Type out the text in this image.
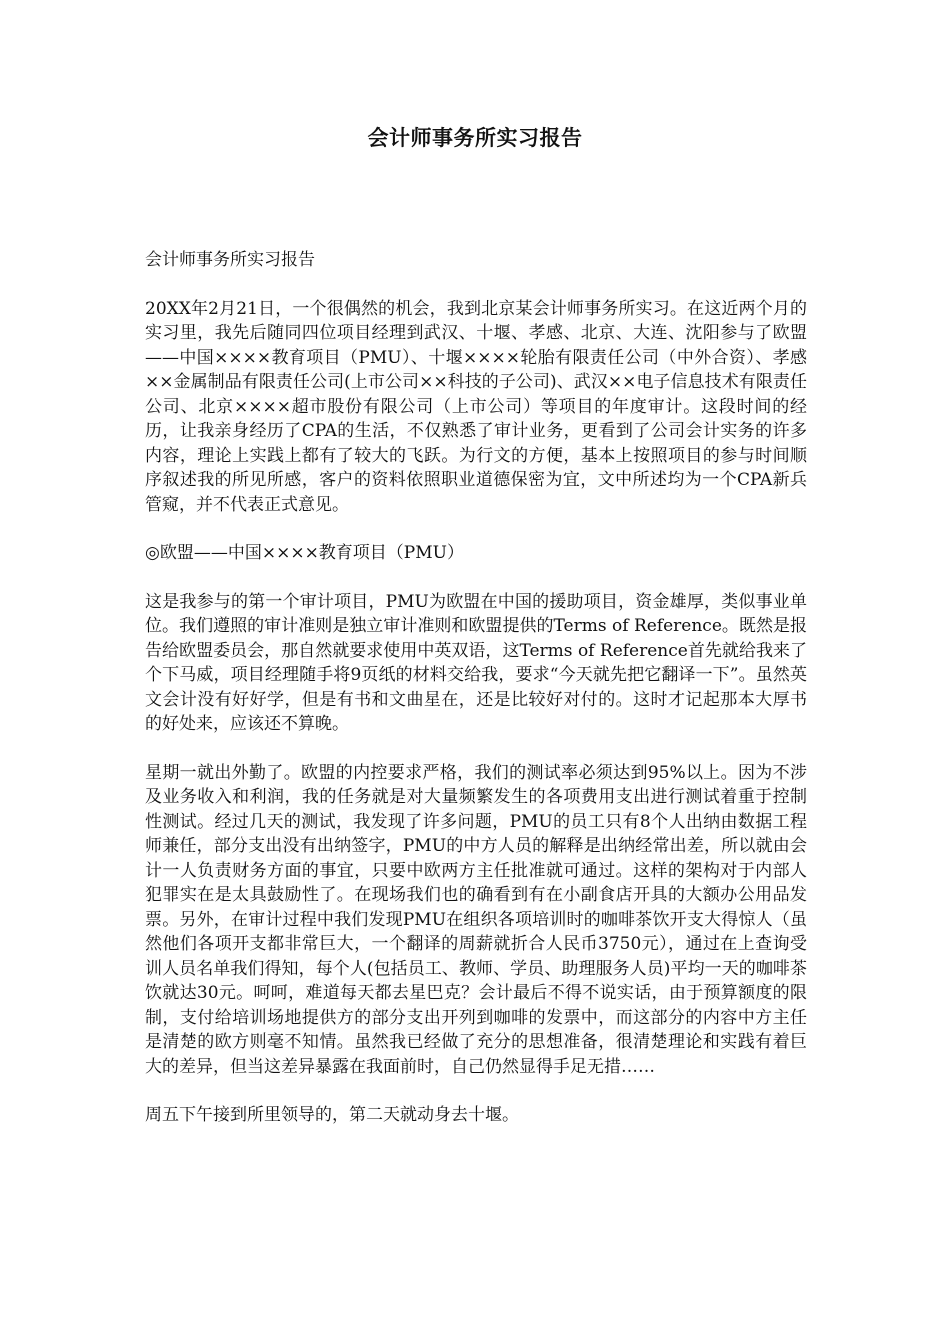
会计师事务所实习报告

会计师事务所实习报告

20XX年2月21日，一个很偶然的机会，我到北京某会计师事务所实习。在这近两个月的实习里，我先后随同四位项目经理到武汉、十堰、孝感、北京、大连、沈阳参与了欧盟——中国××××教育项目（PMU）、十堰××××轮胎有限责任公司（中外合资）、孝感××金属制品有限责任公司(上市公司××科技的子公司)、武汉××电子信息技术有限责任公司、北京××××超市股份有限公司（上市公司）等项目的年度审计。这段时间的经历，让我亲身经历了CPA的生活，不仅熟悉了审计业务，更看到了公司会计实务的许多内容，理论上实践上都有了较大的飞跃。为行文的方便，基本上按照项目的参与时间顺序叙述我的所见所感，客户的资料依照职业道德保密为宜，文中所述均为一个CPA新兵管窥，并不代表正式意见。

◎欧盟——中国××××教育项目（PMU）

这是我参与的第一个审计项目，PMU为欧盟在中国的援助项目，资金雄厚，类似事业单位。我们遵照的审计准则是独立审计准则和欧盟提供的Terms of Reference。既然是报告给欧盟委员会，那自然就要求使用中英双语，这Terms of Reference首先就给我来了个下马威，项目经理随手将9页纸的材料交给我，要求“今天就先把它翻译一下”。虽然英文会计没有好好学，但是有书和文曲星在，还是比较好对付的。这时才记起那本大厚书的好处来，应该还不算晚。

星期一就出外勤了。欧盟的内控要求严格，我们的测试率必须达到95%以上。因为不涉及业务收入和利润，我的任务就是对大量频繁发生的各项费用支出进行测试着重于控制性测试。经过几天的测试，我发现了许多问题，PMU的员工只有8个人出纳由数据工程师兼任，部分支出没有出纳签字，PMU的中方人员的解释是出纳经常出差，所以就由会计一人负责财务方面的事宜，只要中欧两方主任批准就可通过。这样的架构对于内部人犯罪实在是太具鼓励性了。在现场我们也的确看到有在小副食店开具的大额办公用品发票。另外，在审计过程中我们发现PMU在组织各项培训时的咖啡茶饮开支大得惊人（虽然他们各项开支都非常巨大，一个翻译的周薪就折合人民币3750元），通过在上查询受训人员名单我们得知，每个人(包括员工、教师、学员、助理服务人员)平均一天的咖啡茶饮就达30元。呵呵，难道每天都去星巴克？会计最后不得不说实话，由于预算额度的限制，支付给培训场地提供方的部分支出开列到咖啡的发票中，而这部分的内容中方主任是清楚的欧方则毫不知情。虽然我已经做了充分的思想准备，很清楚理论和实践有着巨大的差异，但当这差异暴露在我面前时，自己仍然显得手足无措……

周五下午接到所里领导的，第二天就动身去十堰。
